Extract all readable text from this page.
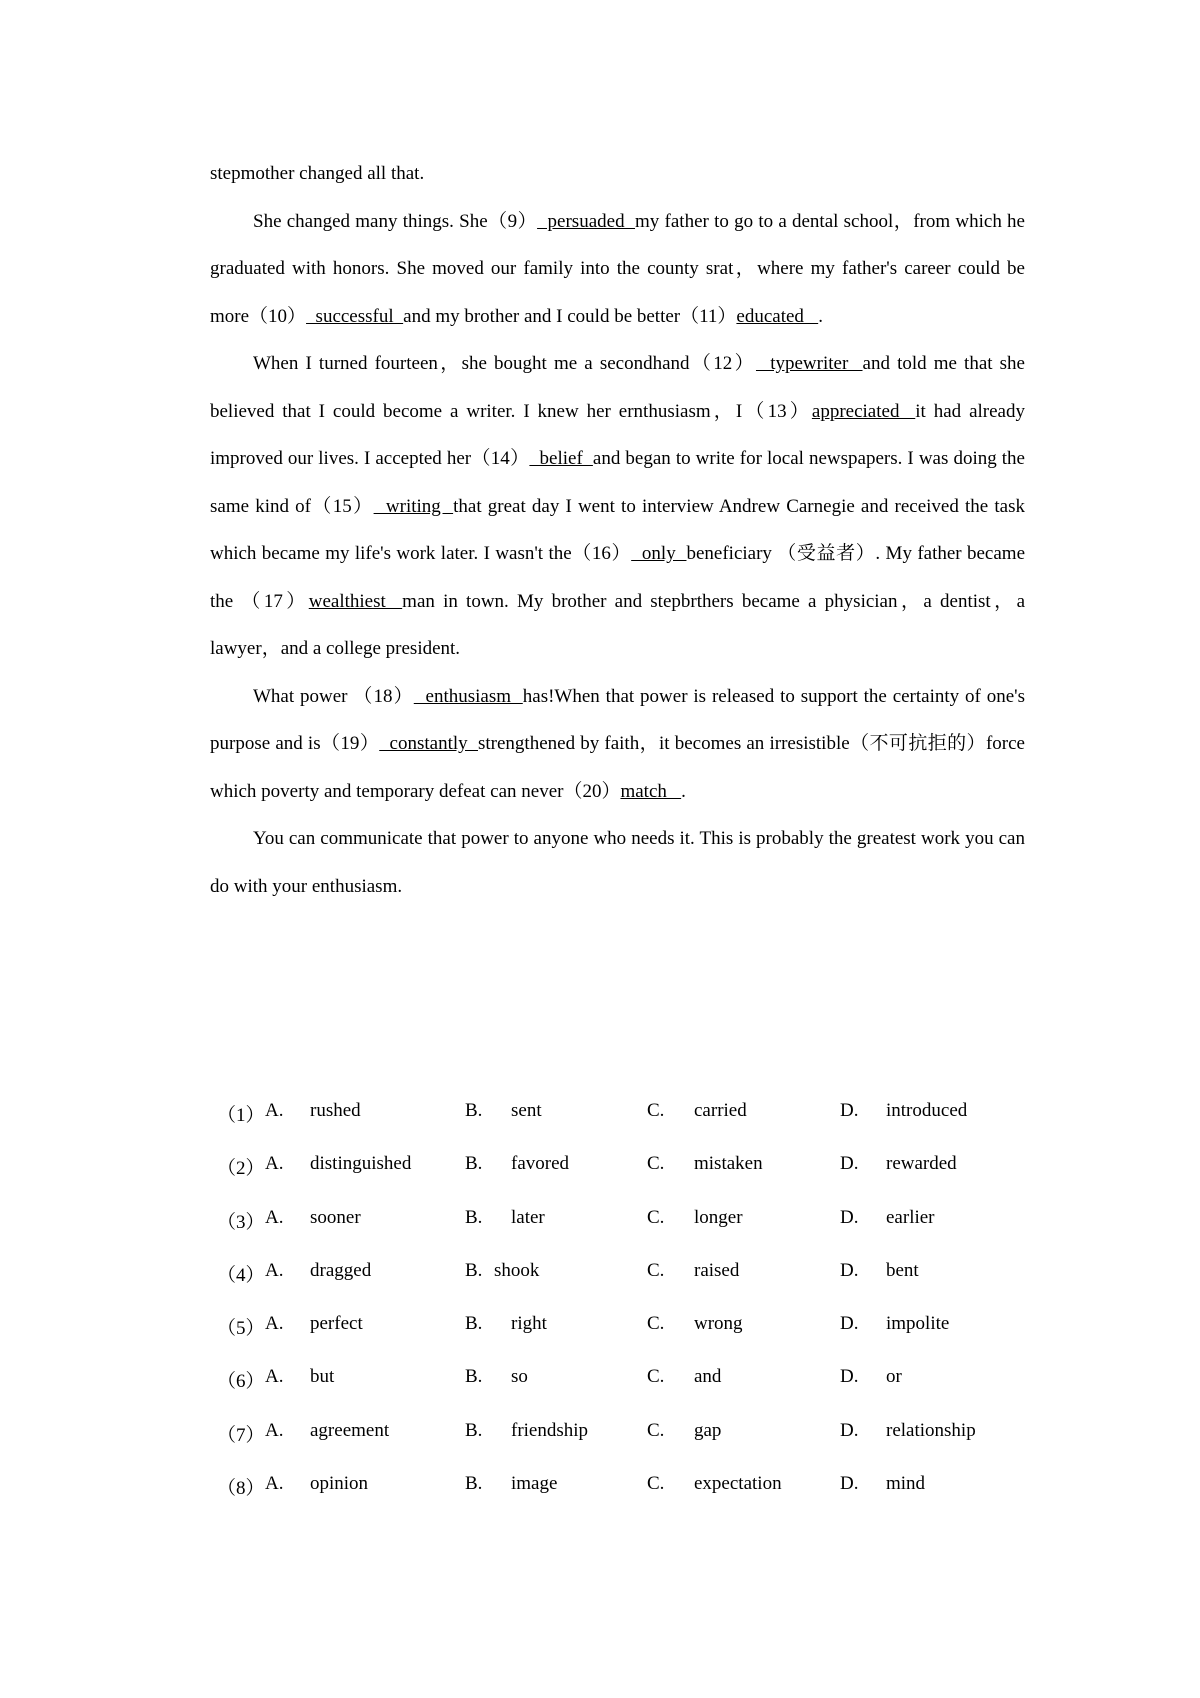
stepmother changed all that.

She changed many things. She（9）  persuaded  my father to go to a dental school，from which he graduated with honors. She moved our family into the county srat，where my father's career could be more（10）  successful  and my brother and I could be better（11）educated   .

When I turned fourteen，she bought me a secondhand（12）  typewriter  and told me that she believed that I could become a writer. I knew her ernthusiasm，I（13）appreciated  it had already improved our lives. I accepted her（14）  belief  and began to write for local newspapers. I was doing the same kind of（15）  writing  that great day I went to interview Andrew Carnegie and received the task which became my life's work later. I wasn't the（16）  only  beneficiary （受益者）. My father became the （17）wealthiest  man in town. My brother and stepbrthers became a physician，a dentist，a lawyer，and a college president.

What power （18）  enthusiasm  has!When that power is released to support the certainty of one's purpose and is（19）  constantly  strengthened by faith，it becomes an irresistible（不可抗拒的）force which poverty and temporary defeat can never（20）match   .

You can communicate that power to anyone who needs it. This is probably the greatest work you can do with your enthusiasm.

（1） A. rushed	B. sent	C. carried	D. introduced
（2） A. distinguished	B. favored	C. mistaken	D. rewarded
（3） A. sooner	B. later	C. longer	D. earlier
（4） A. dragged	B. shook	C. raised	D. bent
（5） A. perfect	B. right	C. wrong	D. impolite
（6） A. but	B. so	C. and	D. or
（7） A. agreement	B. friendship	C. gap	D. relationship
（8） A. opinion	B. image	C. expectation	D. mind
